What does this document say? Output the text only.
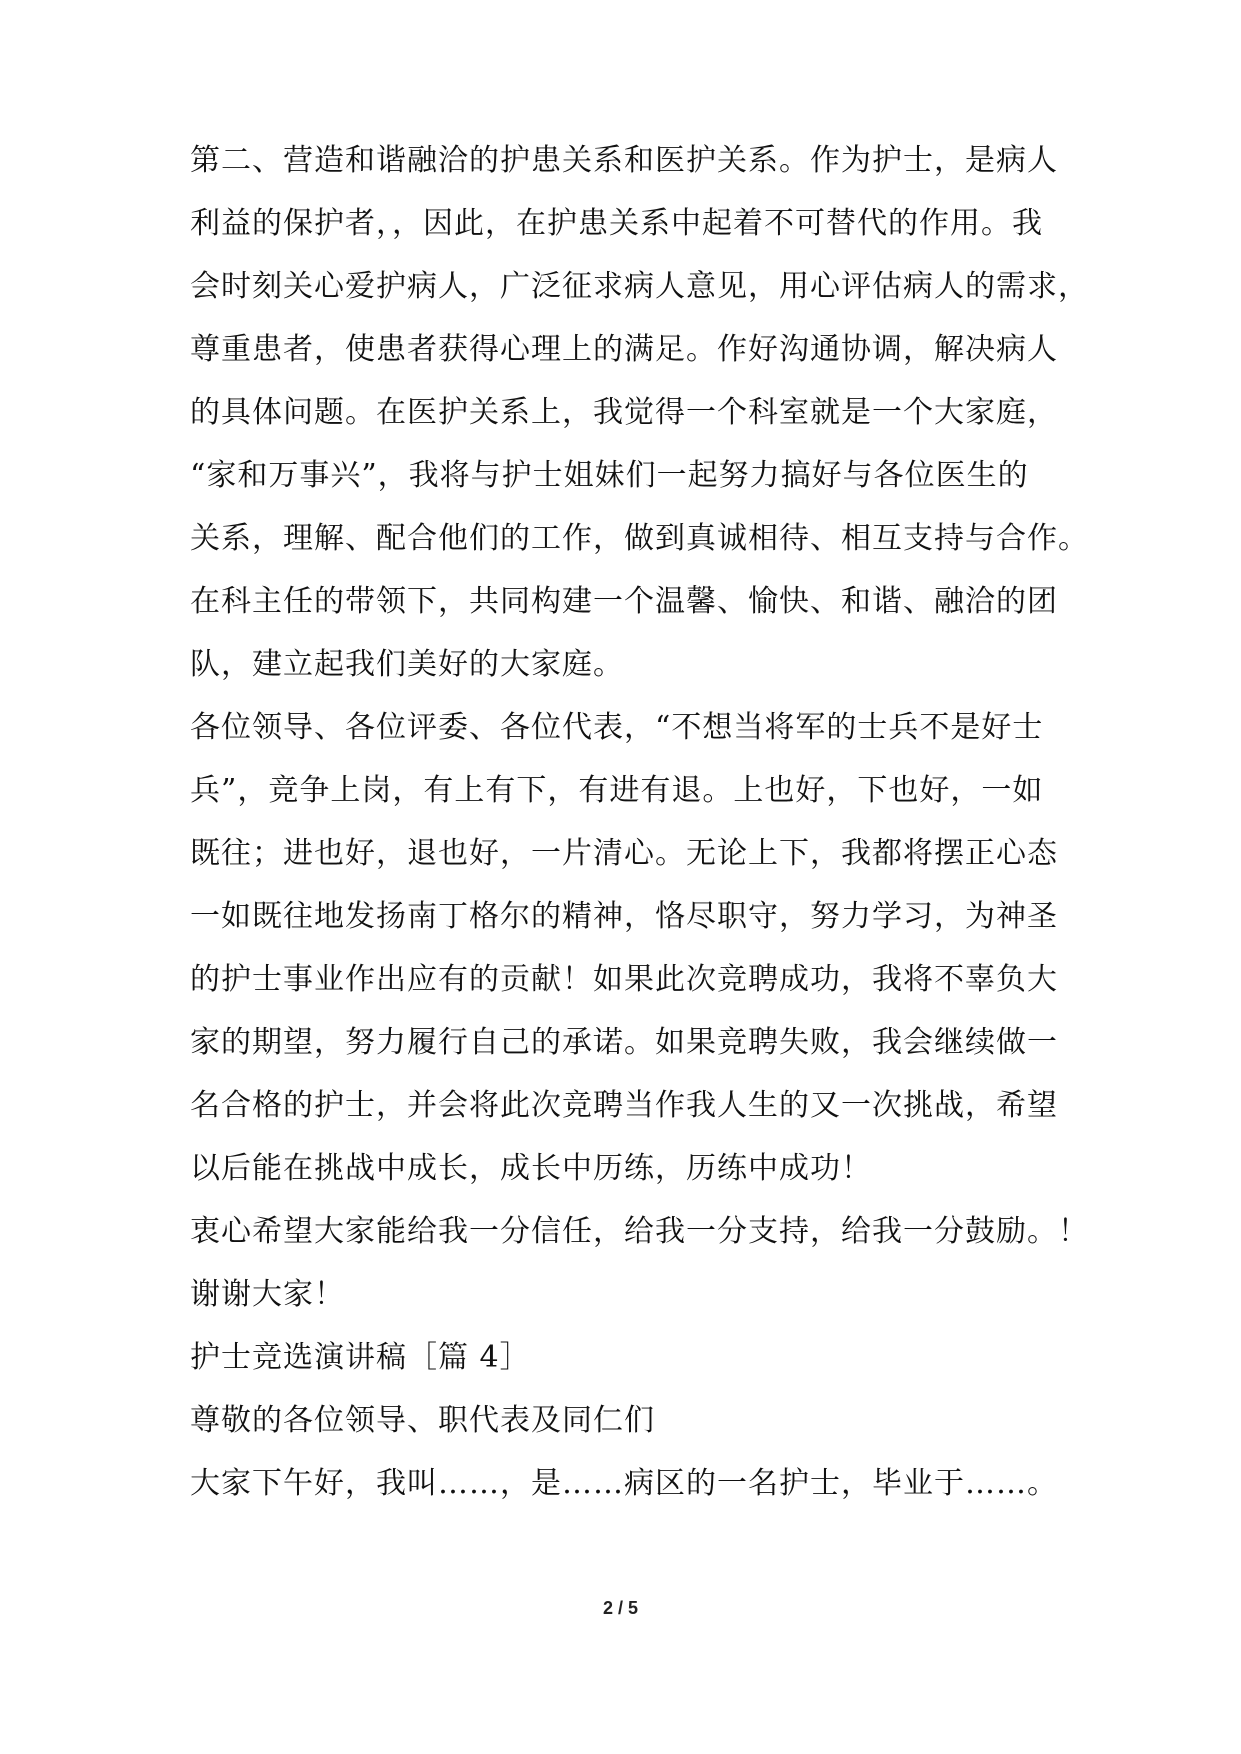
第二、营造和谐融洽的护患关系和医护关系。作为护士，是病人
利益的保护者，，因此，在护患关系中起着不可替代的作用。我
会时刻关心爱护病人，广泛征求病人意见，用心评估病人的需求，
尊重患者，使患者获得心理上的满足。作好沟通协调，解决病人
的具体问题。在医护关系上，我觉得一个科室就是一个大家庭，
“家和万事兴”，我将与护士姐妹们一起努力搞好与各位医生的
关系，理解、配合他们的工作，做到真诚相待、相互支持与合作。
在科主任的带领下，共同构建一个温馨、愉快、和谐、融洽的团
队，建立起我们美好的大家庭。
各位领导、各位评委、各位代表，“不想当将军的士兵不是好士
兵”，竞争上岗，有上有下，有进有退。上也好，下也好，一如
既往；进也好，退也好，一片清心。无论上下，我都将摆正心态
一如既往地发扬南丁格尔的精神，恪尽职守，努力学习，为神圣
的护士事业作出应有的贡献！如果此次竞聘成功，我将不辜负大
家的期望，努力履行自己的承诺。如果竞聘失败，我会继续做一
名合格的护士，并会将此次竞聘当作我人生的又一次挑战，希望
以后能在挑战中成长，成长中历练，历练中成功！
衷心希望大家能给我一分信任，给我一分支持，给我一分鼓励。！
谢谢大家！
护士竞选演讲稿［篇 4］
尊敬的各位领导、职代表及同仁们
大家下午好，我叫……，是……病区的一名护士，毕业于……。
2 / 5
